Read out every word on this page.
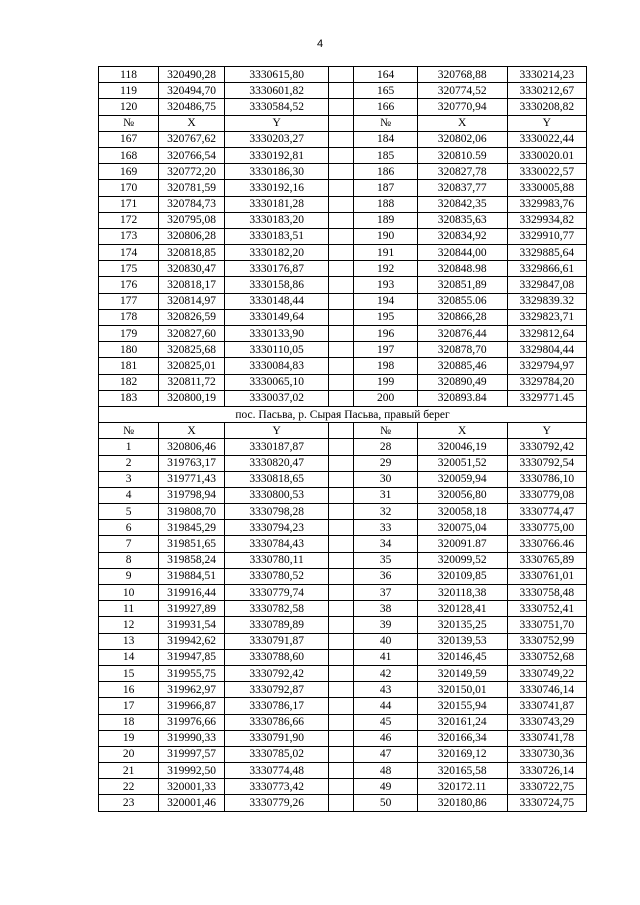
4
118	320490,28	3330615,80		164	320768,88	3330214,23
119	320494,70	3330601,82		165	320774,52	3330212,67
120	320486,75	3330584,52		166	320770,94	3330208,82
№	X	Y		№	X	Y
167	320767,62	3330203,27		184	320802,06	3330022,44
168	320766,54	3330192,81		185	320810.59	3330020.01
169	320772,20	3330186,30		186	320827,78	3330022,57
170	320781,59	3330192,16		187	320837,77	3330005,88
171	320784,73	3330181,28		188	320842,35	3329983,76
172	320795,08	3330183,20		189	320835,63	3329934,82
173	320806,28	3330183,51		190	320834,92	3329910,77
174	320818,85	3330182,20		191	320844,00	3329885,64
175	320830,47	3330176,87		192	320848.98	3329866,61
176	320818,17	3330158,86		193	320851,89	3329847,08
177	320814,97	3330148,44		194	320855.06	3329839.32
178	320826,59	3330149,64		195	320866,28	3329823,71
179	320827,60	3330133,90		196	320876,44	3329812,64
180	320825,68	3330110,05		197	320878,70	3329804,44
181	320825,01	3330084,83		198	320885,46	3329794,97
182	320811,72	3330065,10		199	320890,49	3329784,20
183	320800,19	3330037,02		200	320893.84	3329771.45
пос. Пасьва, р. Сырая Пасьва, правый берег						
№	X	Y		№	X	Y
1	320806,46	3330187,87		28	320046,19	3330792,42
2	319763,17	3330820,47		29	320051,52	3330792,54
3	319771,43	3330818,65		30	320059,94	3330786,10
4	319798,94	3330800,53		31	320056,80	3330779,08
5	319808,70	3330798,28		32	320058,18	3330774,47
6	319845,29	3330794,23		33	320075,04	3330775,00
7	319851,65	3330784,43		34	320091.87	3330766.46
8	319858,24	3330780,11		35	320099,52	3330765,89
9	319884,51	3330780,52		36	320109,85	3330761,01
10	319916,44	3330779,74		37	320118,38	3330758,48
11	319927,89	3330782,58		38	320128,41	3330752,41
12	319931,54	3330789,89		39	320135,25	3330751,70
13	319942,62	3330791,87		40	320139,53	3330752,99
14	319947,85	3330788,60		41	320146,45	3330752,68
15	319955,75	3330792,42		42	320149,59	3330749,22
16	319962,97	3330792,87		43	320150,01	3330746,14
17	319966,87	3330786,17		44	320155,94	3330741,87
18	319976,66	3330786,66		45	320161,24	3330743,29
19	319990,33	3330791,90		46	320166,34	3330741,78
20	319997,57	3330785,02		47	320169,12	3330730,36
21	319992,50	3330774,48		48	320165,58	3330726,14
22	320001,33	3330773,42		49	320172.11	3330722,75
23	320001,46	3330779,26		50	320180,86	3330724,75
